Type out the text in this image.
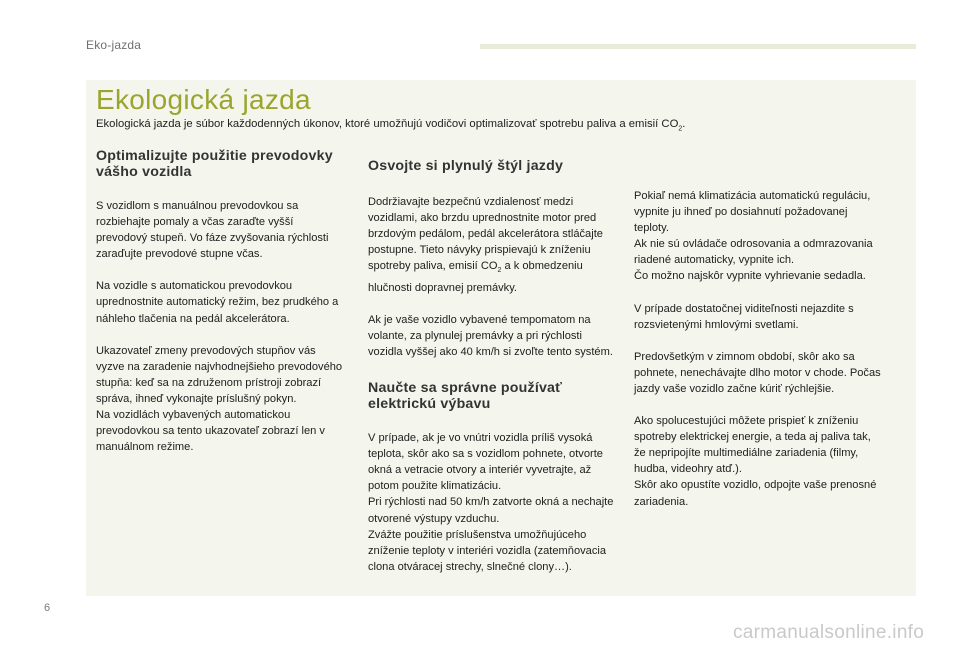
Eko-jazda
Ekologická jazda

Ekologická jazda je súbor každodenných úkonov, ktoré umožňujú vodičovi optimalizovať spotrebu paliva a emisií $CO_2$.

Optimalizujte použitie prevodovky vášho vozidla

S vozidlom s manuálnou prevodovkou sa rozbiehajte pomaly a včas zaraďte vyšší prevodový stupeň. Vo fáze zvyšovania rýchlosti zaraďujte prevodové stupne včas.

Na vozidle s automatickou prevodovkou uprednostnite automatický režim, bez prudkého a náhleho tlačenia na pedál akcelerátora.

Ukazovateľ zmeny prevodových stupňov vás vyzve na zaradenie najvhodnejšieho prevodového stupňa: keď sa na združenom prístroji zobrazí správa, ihneď vykonajte príslušný pokyn.

Na vozidlách vybavených automatickou prevodovkou sa tento ukazovateľ zobrazí len v manuálnom režime.

Osvojte si plynulý štýl jazdy

Dodržiavajte bezpečnú vzdialenosť medzi vozidlami, ako brzdu uprednostnite motor pred brzdovým pedálom, pedál akcelerátora stláčajte postupne. Tieto návyky prispievajú k zníženiu spotreby paliva, emisií $CO_2$ a k obmedzeniu hlučnosti dopravnej premávky.

Ak je vaše vozidlo vybavené tempomatom na volante, za plynulej premávky a pri rýchlosti vozidla vyššej ako 40 km/h si zvoľte tento systém.

Naučte sa správne používať elektrickú výbavu

V prípade, ak je vo vnútri vozidla príliš vysoká teplota, skôr ako sa s vozidlom pohnete, otvorte okná a vetracie otvory a interiér vyvetrajte, až potom použite klimatizáciu.

Pri rýchlosti nad 50 km/h zatvorte okná a nechajte otvorené výstupy vzduchu.

Zvážte použitie príslušenstva umožňujúceho zníženie teploty v interiéri vozidla (zatemňovacia clona otváracej strechy, slnečné clony…).

Pokiaľ nemá klimatizácia automatickú reguláciu, vypnite ju ihneď po dosiahnutí požadovanej teploty.

Ak nie sú ovládače odrosovania a odmrazovania riadené automaticky, vypnite ich.

Čo možno najskôr vypnite vyhrievanie sedadla.

V prípade dostatočnej viditeľnosti nejazdite s rozsvietenými hmlovými svetlami.

Predovšetkým v zimnom období, skôr ako sa pohnete, nenechávajte dlho motor v chode. Počas jazdy vaše vozidlo začne kúriť rýchlejšie.

Ako spolucestujúci môžete prispieť k zníženiu spotreby elektrickej energie, a teda aj paliva tak, že nepripojíte multimediálne zariadenia (filmy, hudba, videohry atď.).

Skôr ako opustíte vozidlo, odpojte vaše prenosné zariadenia.

6
carmanualsonline.info
